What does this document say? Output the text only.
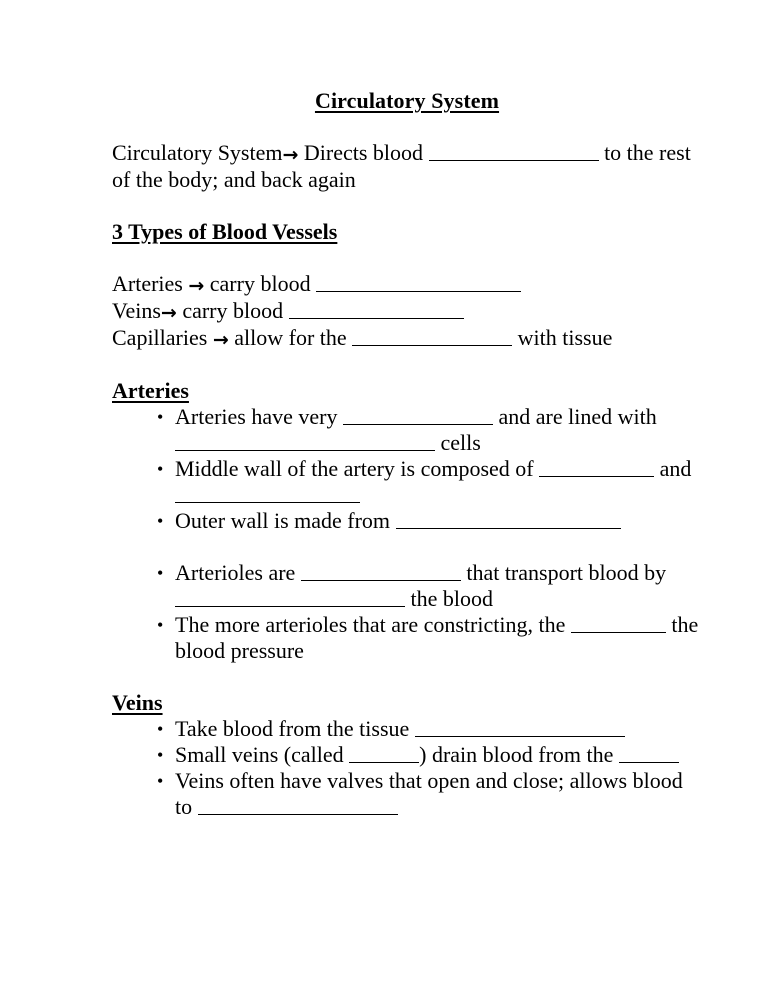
Circulatory System

Circulatory System→ Directs blood	to the rest of the body; and back again

3 Types of Blood Vessels

Arteries → carry blood

Veins→ carry blood

Capillaries → allow for the	with tissue

Arteries

• Arteries have very	and are lined with  cells
• Middle wall of the artery is composed of	and
• Outer wall is made from
• Arterioles are	that transport blood by  the blood
• The more arterioles that are constricting, the	the blood pressure

Veins

• Take blood from the tissue
• Small veins (called	) drain blood from the
• Veins often have valves that open and close; allows blood to
